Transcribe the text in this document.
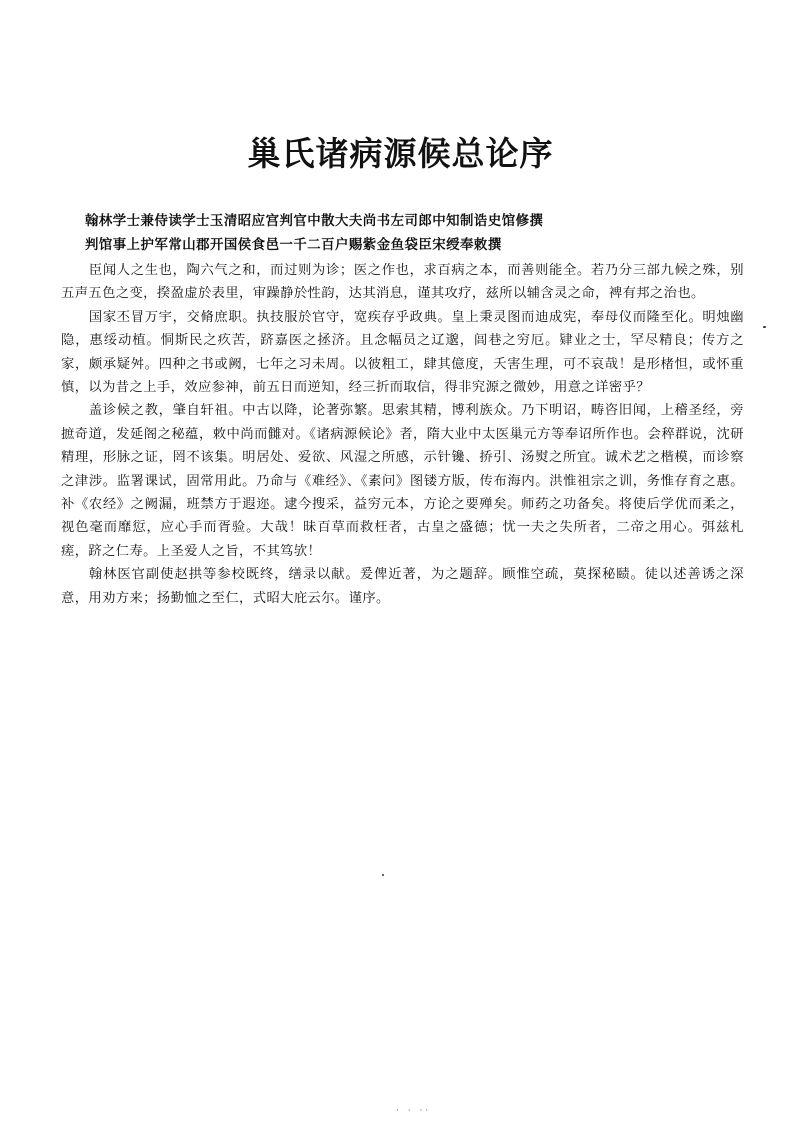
巢氏诸病源候总论序
翰林学士兼侍读学士玉清昭应宫判官中散大夫尚书左司郎中知制诰史馆修撰
判馆事上护军常山郡开国侯食邑一千二百户赐紫金鱼袋臣宋绶奉敕撰

臣闻人之生也，陶六气之和，而过则为诊；医之作也，求百病之本，而善则能全。若乃分三部九候之殊，别五声五色之变，揆盈虚於表里，审躁静於性韵，达其消息，谨其攻疗，兹所以辅含灵之命，裨有邦之治也。

国家丕冒万宇，交脩庶职。执技服於官守，宽疾存乎政典。皇上秉灵图而迪成宪，奉母仪而隆至化。明烛幽隐，惠绥动植。恫斯民之疚苦，跻嘉医之拯济。且念幅员之辽邈，闾巷之穷厄。肄业之士，罕尽精良；传方之家，颇承疑舛。四种之书或阙，七年之习未周。以彼粗工，肆其億度，夭害生理，可不哀哉！是形楮怛，或怀重慎，以为昔之上手，效应参神，前五日而逆知，经三折而取信，得非究源之微妙，用意之详密乎？

盖诊候之教，肇自轩祖。中古以降，论著弥繁。思索其精，博利族众。乃下明诏，畴咨旧闻，上稽圣经，旁摭奇道，发延阁之秘蕴，敕中尚而雠对。《诸病源候论》者，隋大业中太医巢元方等奉诏所作也。会稡群说，沈研精理，形脉之证，罔不该集。明居处、爱欲、风湿之所感，示针镵、挢引、汤熨之所宜。诚术艺之楷模，而诊察之津涉。监署课试，固常用此。乃命与《难经》、《素问》图镂方版，传布海内。洪惟祖宗之训，务惟存育之惠。补《农经》之阙漏，班禁方于遐迩。逮今搜采，益穷元本，方论之要殚矣。师药之功备矣。将使后学优而柔之，视色毫而靡愆，应心手而胥验。大哉！昧百草而救枉者，古皇之盛德；忧一夫之失所者，二帝之用心。弭兹札瘥，跻之仁寿。上圣爱人之旨，不其笃欤！

翰林医官副使赵拱等参校既终，缮录以献。爰俾近著，为之题辞。顾惟空疏，莫探秘赜。徒以述善诱之深意，用劝方来；扬勤恤之至仁，式昭大庇云尔。谨序。

· · ··
